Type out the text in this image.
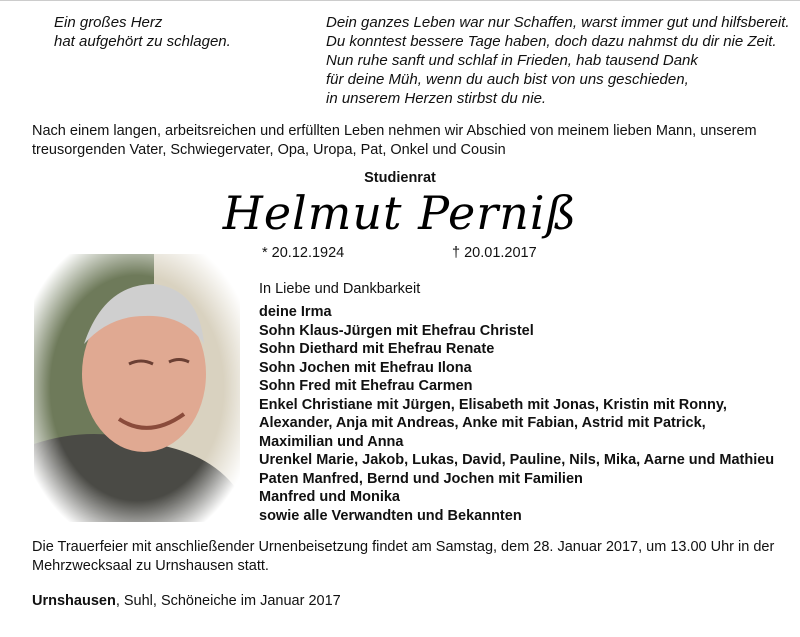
Ein großes Herz
hat aufgehört zu schlagen.
Dein ganzes Leben war nur Schaffen, warst immer gut und hilfsbereit.
Du konntest bessere Tage haben, doch dazu nahmst du dir nie Zeit.
Nun ruhe sanft und schlaf in Frieden, hab tausend Dank
für deine Müh, wenn du auch bist von uns geschieden,
in unserem Herzen stirbst du nie.
Nach einem langen, arbeitsreichen und erfüllten Leben nehmen wir Abschied von meinem lieben Mann, unserem treusorgenden Vater, Schwiegervater, Opa, Uropa, Pat, Onkel und Cousin
Studienrat
Helmut Perniß
* 20.12.1924	† 20.01.2017
In Liebe und Dankbarkeit
deine Irma
Sohn Klaus-Jürgen mit Ehefrau Christel
Sohn Diethard mit Ehefrau Renate
Sohn Jochen mit Ehefrau Ilona
Sohn Fred mit Ehefrau Carmen
Enkel Christiane mit Jürgen, Elisabeth mit Jonas, Kristin mit Ronny,
Alexander, Anja mit Andreas, Anke mit Fabian, Astrid mit Patrick,
Maximilian und Anna
Urenkel Marie, Jakob, Lukas, David, Pauline, Nils, Mika, Aarne und Mathieu
Paten Manfred, Bernd und Jochen mit Familien
Manfred und Monika
sowie alle Verwandten und Bekannten
Die Trauerfeier mit anschließender Urnenbeisetzung findet am Samstag, dem 28. Januar 2017, um 13.00 Uhr in der Mehrzwecksaal zu Urnshausen statt.
Urnshausen, Suhl, Schöneiche im Januar 2017
